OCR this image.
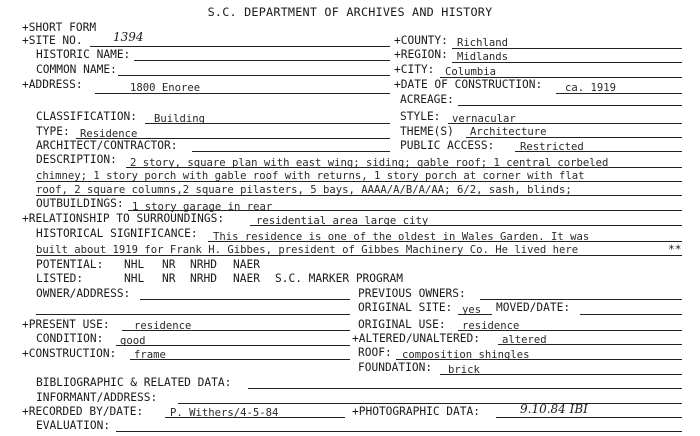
S.C. DEPARTMENT OF ARCHIVES AND HISTORY
+SHORT FORM
+SITE NO.	1394
HISTORIC NAME:
COMMON NAME:
+ADDRESS:	1800 Enoree
+COUNTY: Richland
+REGION: Midlands
+CITY: Columbia
+DATE OF CONSTRUCTION: ca. 1919
ACREAGE:
CLASSIFICATION: Building
TYPE: Residence
ARCHITECT/CONTRACTOR:
STYLE: vernacular
THEME(S) Architecture
PUBLIC ACCESS: Restricted
DESCRIPTION: 2 story, square plan with east wing; siding; gable roof; 1 central corbeled
chimney; 1 story porch with gable roof with returns, 1 story porch at corner with flat
roof, 2 square columns,2 square pilasters, 5 bays, AAAA/A/B/A/AA; 6/2, sash, blinds;
OUTBUILDINGS: 1 story garage in rear
+RELATIONSHIP TO SURROUNDINGS:	residential area large city
HISTORICAL SIGNIFICANCE: This residence is one of the oldest in Wales Garden. It was
built about 1919 for Frank H. Gibbes, president of Gibbes Machinery Co. He lived here	**
POTENTIAL: NHL NR NRHD NAER
LISTED:	NHL NR NRHD NAER S.C. MARKER PROGRAM
OWNER/ADDRESS:	PREVIOUS OWNERS:
ORIGINAL SITE: yes MOVED/DATE:
+PRESENT USE: residence	ORIGINAL USE: residence
CONDITION: good	+ALTERED/UNALTERED: altered
+CONSTRUCTION: frame	ROOF: composition shingles
FOUNDATION: brick
BIBLIOGRAPHIC & RELATED DATA:
INFORMANT/ADDRESS:
+RECORDED BY/DATE:	P. Withers/4-5-84	+PHOTOGRAPHIC DATA:	9.10.84 IBI
EVALUATION:
